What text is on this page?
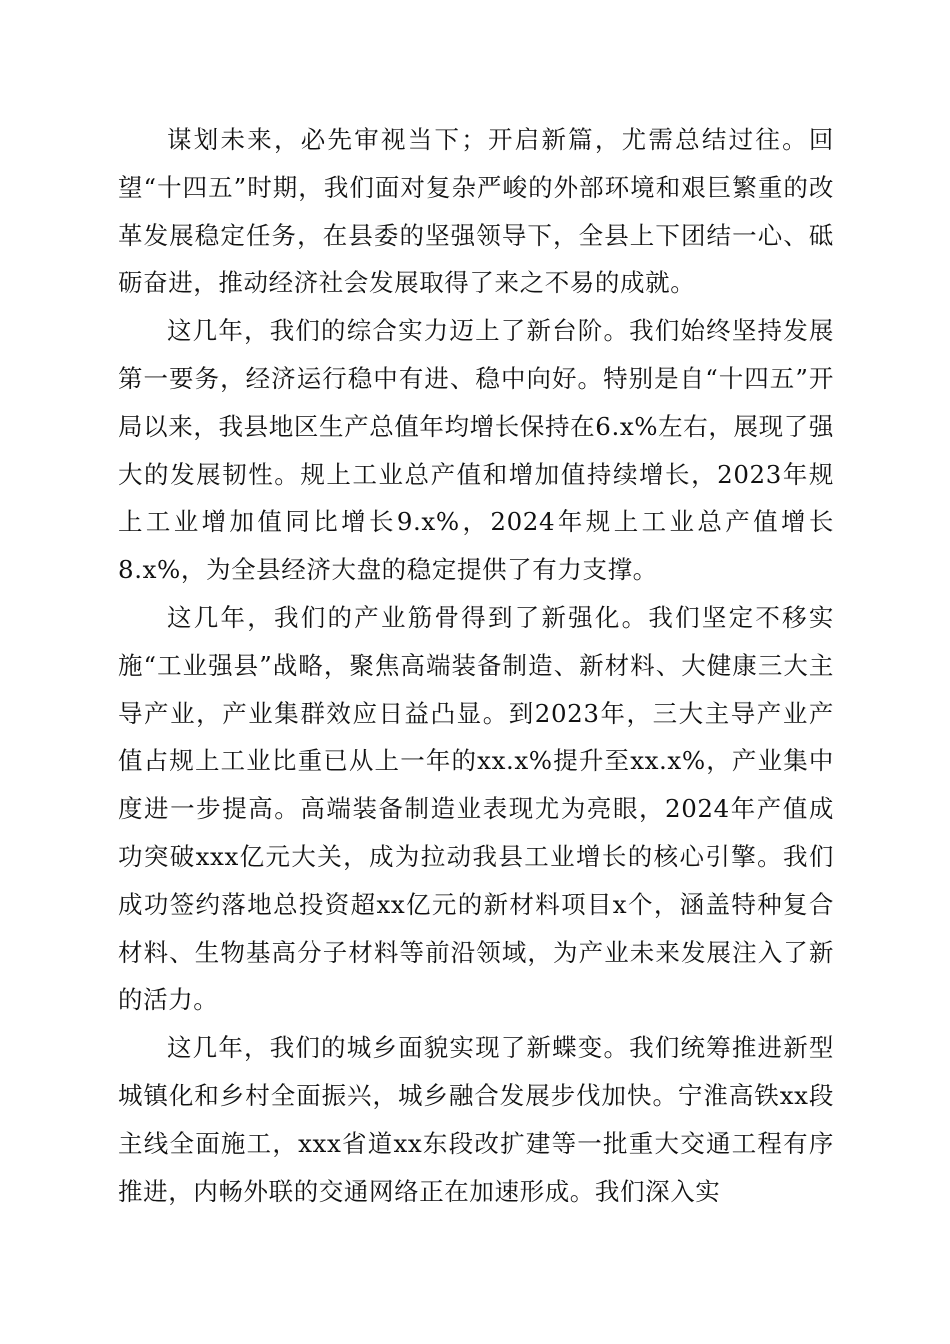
谋划未来，必先审视当下；开启新篇，尤需总结过往。回望“十四五”时期，我们面对复杂严峻的外部环境和艰巨繁重的改革发展稳定任务，在县委的坚强领导下，全县上下团结一心、砥砺奋进，推动经济社会发展取得了来之不易的成就。

这几年，我们的综合实力迈上了新台阶。我们始终坚持发展第一要务，经济运行稳中有进、稳中向好。特别是自“十四五”开局以来，我县地区生产总值年均增长保持在6.x%左右，展现了强大的发展韧性。规上工业总产值和增加值持续增长，2023年规上工业增加值同比增长9.x%，2024年规上工业总产值增长8.x%，为全县经济大盘的稳定提供了有力支撑。

这几年，我们的产业筋骨得到了新强化。我们坚定不移实施“工业强县”战略，聚焦高端装备制造、新材料、大健康三大主导产业，产业集群效应日益凸显。到2023年，三大主导产业产值占规上工业比重已从上一年的xx.x%提升至xx.x%，产业集中度进一步提高。高端装备制造业表现尤为亮眼，2024年产值成功突破xxx亿元大关，成为拉动我县工业增长的核心引擎。我们成功签约落地总投资超xx亿元的新材料项目x个，涵盖特种复合材料、生物基高分子材料等前沿领域，为产业未来发展注入了新的活力。

这几年，我们的城乡面貌实现了新蝶变。我们统筹推进新型城镇化和乡村全面振兴，城乡融合发展步伐加快。宁淮高铁xx段主线全面施工，xxx省道xx东段改扩建等一批重大交通工程有序推进，内畅外联的交通网络正在加速形成。我们深入实
